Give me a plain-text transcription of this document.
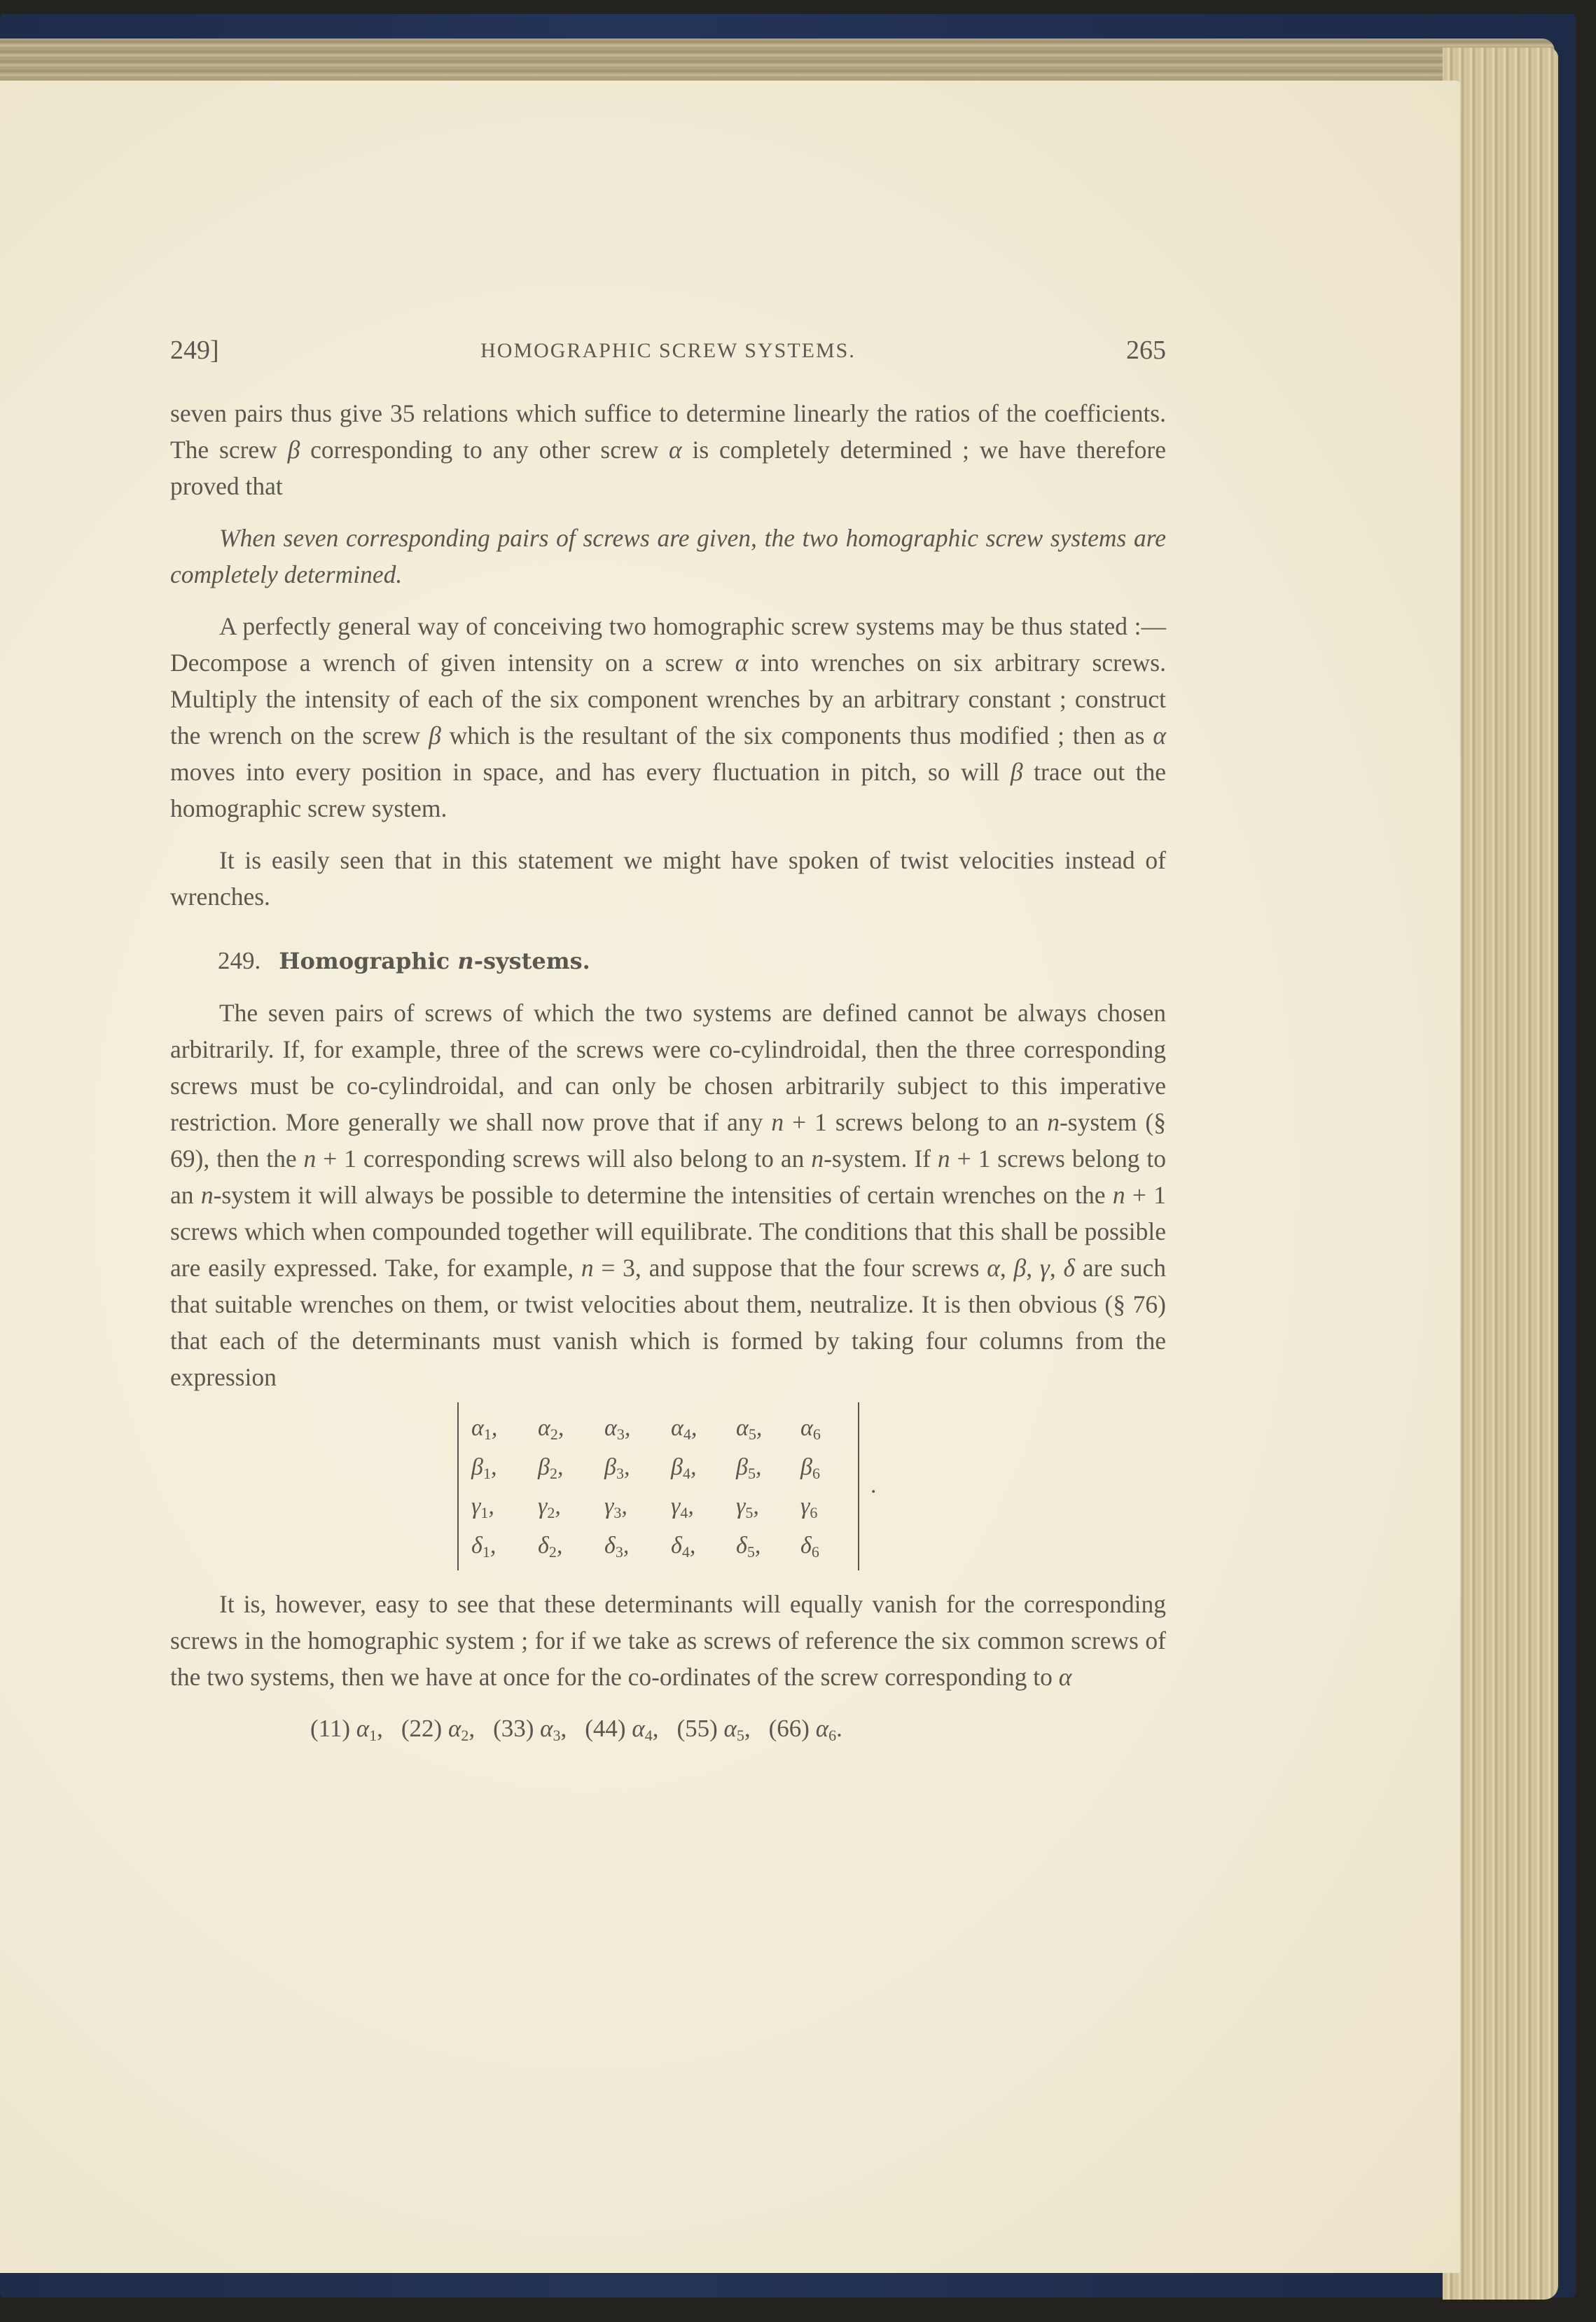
249]	HOMOGRAPHIC SCREW SYSTEMS.	265

seven pairs thus give 35 relations which suffice to determine linearly the ratios of the coefficients. The screw β corresponding to any other screw α is completely determined ; we have therefore proved that

When seven corresponding pairs of screws are given, the two homographic screw systems are completely determined.

A perfectly general way of conceiving two homographic screw systems may be thus stated :—Decompose a wrench of given intensity on a screw α into wrenches on six arbitrary screws. Multiply the intensity of each of the six component wrenches by an arbitrary constant ; construct the wrench on the screw β which is the resultant of the six components thus modified ; then as α moves into every position in space, and has every fluctuation in pitch, so will β trace out the homographic screw system.

It is easily seen that in this statement we might have spoken of twist velocities instead of wrenches.

249. Homographic n-systems.

The seven pairs of screws of which the two systems are defined cannot be always chosen arbitrarily. If, for example, three of the screws were co-cylindroidal, then the three corresponding screws must be co-cylindroidal, and can only be chosen arbitrarily subject to this imperative restriction. More generally we shall now prove that if any n + 1 screws belong to an n-system (§ 69), then the n + 1 corresponding screws will also belong to an n-system. If n + 1 screws belong to an n-system it will always be possible to determine the intensities of certain wrenches on the n + 1 screws which when compounded together will equilibrate. The conditions that this shall be possible are easily expressed. Take, for example, n = 3, and suppose that the four screws α, β, γ, δ are such that suitable wrenches on them, or twist velocities about them, neutralize. It is then obvious (§ 76) that each of the determinants must vanish which is formed by taking four columns from the expression

$\alpha_1$, $\alpha_2$, $\alpha_3$, $\alpha_4$, $\alpha_5$, $\alpha_6$
$\beta_1$, $\beta_2$, $\beta_3$, $\beta_4$, $\beta_5$, $\beta_6$
$\gamma_1$, $\gamma_2$, $\gamma_3$, $\gamma_4$, $\gamma_5$, $\gamma_6$
$\delta_1$, $\delta_2$, $\delta_3$, $\delta_4$, $\delta_5$, $\delta_6$
.

It is, however, easy to see that these determinants will equally vanish for the corresponding screws in the homographic system ; for if we take as screws of reference the six common screws of the two systems, then we have at once for the co-ordinates of the screw corresponding to α

(11) $\alpha_1$, (22) $\alpha_2$, (33) $\alpha_3$, (44) $\alpha_4$, (55) $\alpha_5$, (66) $\alpha_6$.
